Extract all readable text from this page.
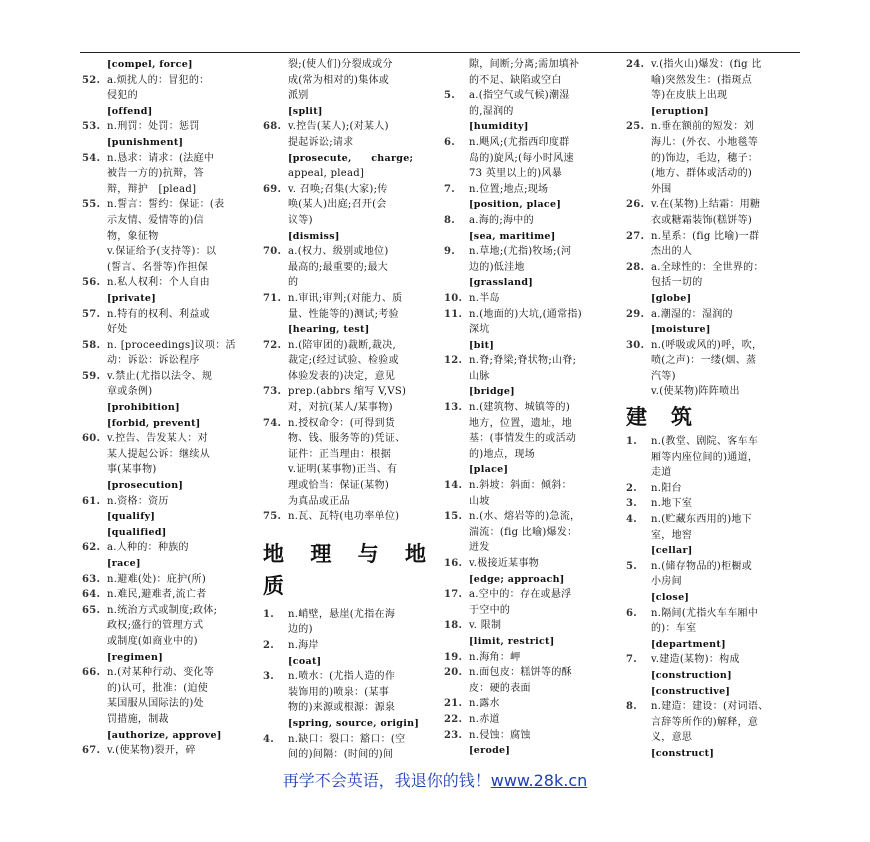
[compel, force]
52. a.烦扰人的：冒犯的：
侵犯的
[offend]
53. n.刑罚：处罚：惩罚
[punishment]
54. n.恳求：请求：(法庭中
被告一方的)抗辩，答
辩，辩护　[plead]
55. n.誓言：誓约：保证：(表
示友情、爱情等的)信
物，象征物
v.保证给予(支持等)：以
(誓言、名誉等)作担保
56. n.私人权利：个人自由
[private]
57. n.特有的权利、利益或
好处
58. n. [proceedings]议项：活
动：诉讼：诉讼程序
59. v.禁止(尤指以法令、规
章或条例)
[prohibition]
[forbid, prevent]
60. v.控告、告发某人：对
某人提起公诉：继续从
事(某事物)
[prosecution]
61. n.资格：资历
[qualify]
[qualified]
62. a.人种的：种族的
[race]
63. n.避难(处)：庇护(所)
64. n.难民,避难者,流亡者
65. n.统治方式或制度;政体;
政权;盛行的管理方式
或制度(如商业中的)
[regimen]
66. n.(对某种行动、变化等
的)认可，批准：(迫使
某国服从国际法的)处
罚措施，制裁
[authorize, approve]
67. v.(使某物)裂开，碎
裂;(使人们)分裂成或分
成(常为相对的)集体或
派别
[split]
68. v.控告(某人);(对某人)
提起诉讼;请求
[prosecute,　　charge;
appeal, plead]
69. v. 召唤;召集(大家);传
唤(某人)出庭;召开(会
议等)
[dismiss]
70. a.(权力、级别或地位)
最高的;最重要的;最大
的
71. n.审讯;审判;(对能力、质
量、性能等的)测试;考验
[hearing, test]
72. n.(陪审团的)裁断,裁决,
裁定;(经过试验、检验或
体验发表的)决定，意见
73. prep.(abbrs 缩写 V,VS)
对，对抗(某人/某事物)
74. n.授权命令：(可得到货
物、钱、服务等的)凭证、
证件：正当理由：根据
v.证明(某事物)正当、有
理或恰当：保证(某物)
为真品或正品
75. n.瓦、瓦特(电功率单位)
地 理 与 地
质
1. n.峭壁，悬崖(尤指在海
边的)
2. n.海岸
[coat]
3. n.喷水：(尤指人造的作
装饰用的)喷泉：(某事
物的)来源或根源：源泉
[spring, source, origin]
4. n.缺口：裂口：豁口：(空
间的)间隔：(时间的)间
隙，间断;分离;需加填补
的不足、缺陷或空白
5. a.(指空气或气候)潮湿
的,湿润的
[humidity]
6. n.飓风;(尤指西印度群
岛的)旋风;(每小时风速
73 英里以上的)风暴
7. n.位置;地点;现场
[position, place]
8. a.海的;海中的
[sea, maritime]
9. n.草地;(尤指)牧场;(河
边的)低洼地
[grassland]
10. n.半岛
11. n.(地面的)大坑,(通常指)
深坑
[bit]
12. n.脊;脊梁;脊状物;山脊;
山脉
[bridge]
13. n.(建筑物、城镇等的)
地方，位置，遗址，地
基：(事情发生的或活动
的)地点，现场
[place]
14. n.斜坡：斜面：倾斜：
山坡
15. n.(水、熔岩等的)急流，
湍流：(fig 比喻)爆发：
迸发
16. v.极接近某事物
[edge; approach]
17. a.空中的：存在或悬浮
于空中的
18. v. 限制
[limit, restrict]
19. n.海角：岬
20. n.面包皮：糕饼等的酥
皮：硬的表面
21. n.露水
22. n.赤道
23. n.侵蚀：腐蚀
[erode]
24. v.(指火山)爆发：(fig 比
喻)突然发生：(指斑点
等)在皮肤上出现
[eruption]
25. n.垂在额前的短发：刘
海儿：(外衣、小地毯等
的)饰边，毛边，穗子：
(地方、群体或活动的)
外围
26. v.在(某物)上结霜：用糖
衣或糖霜装饰(糕饼等)
27. n.星系：(fig 比喻)一群
杰出的人
28. a.全球性的：全世界的：
包括一切的
[globe]
29. a.潮湿的：湿润的
[moisture]
30. n.(呼吸或风的)呼，吹，
喷(之声)：一缕(烟、蒸
汽等)
v.(使某物)阵阵喷出
建 筑
1. n.(教堂、剧院、客车车
厢等内座位间的)通道，
走道
2. n.阳台
3. n.地下室
4. n.(贮藏东西用的)地下
室，地窖
[cellar]
5. n.(储存物品的)柜橱或
小房间
[close]
6. n.隔间(尤指火车车厢中
的)：车室
[department]
7. v.建造(某物)：构成
[construction]
[constructive]
8. n.建造：建设：(对词语、
言辞等所作的)解释，意
义，意思
[construct]
再学不会英语，我退你的钱！www.28k.cn
